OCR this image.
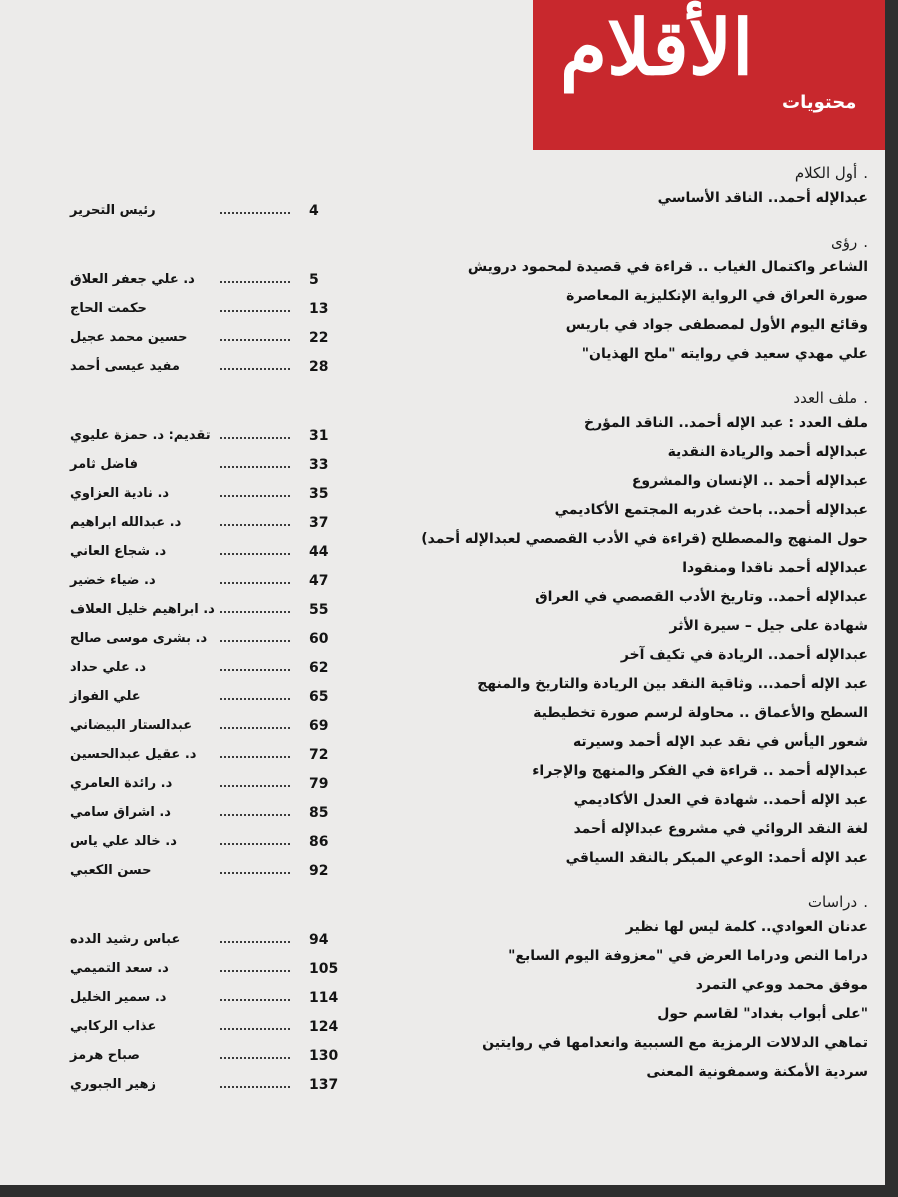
الأقلام
محتويات
.أول الكلام
عبدالإله أحمد.. الناقد الأساسي
4
رئيس التحرير
.رؤى
الشاعر واكتمال الغياب .. قراءة في قصيدة لمحمود درويش
5
د. علي جعفر العلاق
صورة العراق في الرواية الإنكليزية المعاصرة
13
حكمت الحاج
وقائع اليوم الأول لمصطفى جواد في باريس
22
حسين محمد عجيل
علي مهدي سعيد في روايته "ملح الهذيان"
28
مفيد عيسى أحمد
.ملف العدد
ملف العدد : عبد الإله أحمد.. الناقد المؤرخ
31
تقديم: د. حمزة عليوي
عبدالإله أحمد والريادة النقدية
33
فاضل ثامر
عبدالإله أحمد .. الإنسان والمشروع
35
د. نادية العزاوي
عبدالإله أحمد.. باحث غدربه المجتمع الأكاديمي
37
د. عبدالله ابراهيم
حول المنهج والمصطلح (قراءة في الأدب القصصي لعبدالإله أحمد)
44
د. شجاع العاني
عبدالإله أحمد ناقدا ومنقودا
47
د. ضياء خضير
عبدالإله أحمد.. وتاريخ الأدب القصصي في العراق
55
د. ابراهيم خليل العلاف
شهادة على جيل – سيرة الأثر
60
د. بشرى موسى صالح
عبدالإله أحمد.. الريادة في تكيف آخر
62
د. علي حداد
عبد الإله أحمد... وثاقية النقد بين الريادة والتاريخ والمنهج
65
علي الفواز
السطح والأعماق .. محاولة لرسم صورة تخطيطية
69
عبدالستار البيضاني
شعور اليأس في نقد عبد الإله أحمد وسيرته
72
د. عقيل عبدالحسين
عبدالإله أحمد .. قراءة في الفكر والمنهج والإجراء
79
د. رائدة العامري
عبد الإله أحمد.. شهادة في العدل الأكاديمي
85
د. اشراق سامي
لغة النقد الروائي في مشروع عبدالإله أحمد
86
د. خالد علي ياس
عبد الإله أحمد: الوعي المبكر بالنقد السياقي
92
حسن الكعبي
.دراسات
عدنان العوادي.. كلمة ليس لها نظير
94
عباس رشيد الدده
دراما النص ودراما العرض في "معزوفة اليوم السابع"
105
د. سعد التميمي
موفق محمد ووعي التمرد
114
د. سمير الخليل
"على أبواب بغداد" لقاسم حول
124
عذاب الركابي
تماهي الدلالات الرمزية مع السببية وانعدامها في روايتين
130
صباح هرمز
سردية الأمكنة وسمفونية المعنى
137
زهير الجبوري
